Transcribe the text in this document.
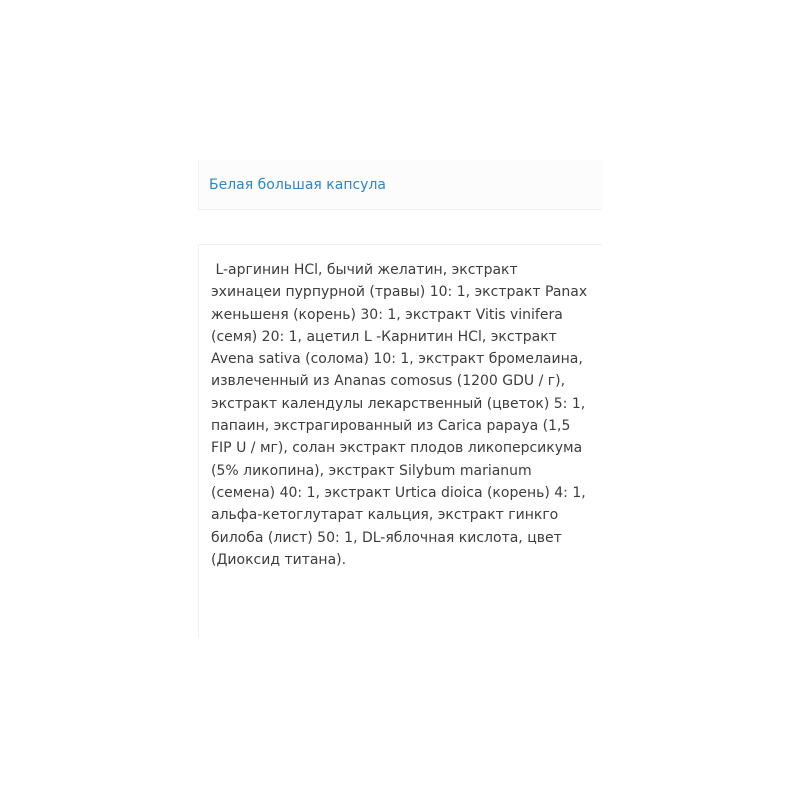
Белая большая капсула

L-аргинин HCl, бычий желатин, экстракт
эхинацеи пурпурной (травы) 10: 1, экстракт Panax
женьшеня (корень) 30: 1, экстракт Vitis vinifera
(семя) 20: 1, ацетил L -Карнитин HCl, экстракт
Avena sativa (солома) 10: 1, экстракт бромелаина,
извлеченный из Ananas comosus (1200 GDU / г),
экстракт календулы лекарственный (цветок) 5: 1,
папаин, экстрагированный из Carica papaya (1,5
FIP U / мг), солан экстракт плодов ликоперсикума
(5% ликопина), экстракт Silybum marianum
(семена) 40: 1, экстракт Urtica dioica (корень) 4: 1,
альфа-кетоглутарат кальция, экстракт гинкго
билоба (лист) 50: 1, DL-яблочная кислота, цвет
(Диоксид титана).
